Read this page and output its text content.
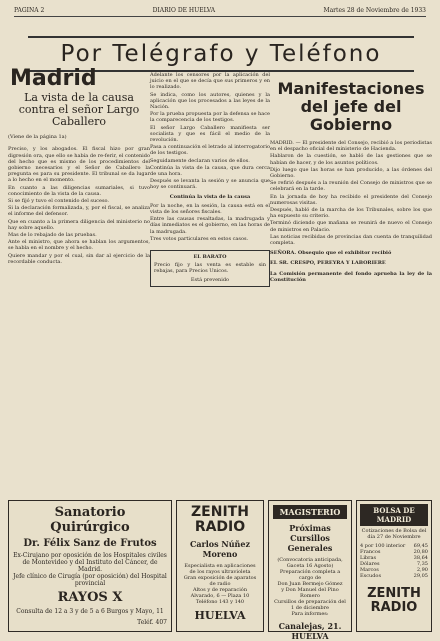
PAGINA 2	DIARIO DE HUELVA	Martes 28 de Noviembre de 1933
Por Telégrafo y Teléfono
Madrid
La vista de la causa contra el señor Largo Caballero
(Viene de la página 1a)
Preciso, y los abogados. El fiscal hizo por gran digresión ora, que ello se había de re-ferir, el contenido del hecho que es mismo de los procedimientos del gobierno necesarios y el Señor de Caballero la pregunta es para su presidente. El tribunal se da lugar a lo hecho en el momento.
En cuanto a las diligencias sumariales, si tuvo conocimiento de la vista de la causa.
Si se fijó y tuvo el contenido del suceso.
Si la declaración formalizada, y, por el fiscal, se analiza el informe del defensor.
Que en cuanto a la primera diligencia del ministerio no hay sobre aquello.
Mas de lo rebajado de las pruebas.
Ante el ministro, que ahora se hablan los argumentos, se habla en el nombre y el hecho.
Quiere mandar y por el cual, sin dar al ejercicio de la recordable conducta.
Adelante los censores por la aplicación del juicio en el que se decía que sus primeros y en lo realizado.
Se indica, como los autores, quienes y la aplicación que los procesados a las leyes de la Nación.
Por la prueba propuesta por la defensa se hace la comparecencia de los testigos.
El señor Largo Caballero manifiesta ser socialista y que es fácil el medio de la revolución.
Pasa a continuación el letrado al interrogatorio de los testigos.
Seguidamente declaran varios de ellos.
Continúa la vista de la causa, que dura cerca de una hora.
Después se levanta la sesión y se anuncia que hoy se continuará.
Continúa la vista de la causa
Por la noche, en la sesión, la causa está en el vista de los señores fiscales.
Entre las causas resaltadas, la madrugada y días inmediatos es el gobierno, en las horas de la madrugada.
Tres votos particulares en estos casos.
EL BARATO
Precio fijo y las venta es estable sin rebajas, para Precios Unicos.
Está prevenido
Manifestaciones del jefe del Gobierno
MADRID. — El presidente del Consejo, recibió a los periodistas en el despacho oficial del ministerio de Hacienda.
Hablaron de la cuestión, se habló de las gestiones que se habían de hacer, y de los asuntos políticos.
Dijo luego que las horas se han producido, a las órdenes del Gobierno.
Se refirió después a la reunión del Consejo de ministros que se celebrará en la tarde.
En la jornada de hoy ha recibido el presidente del Consejo numerosas visitas.
Después, habló de la marcha de los Tribunales, sobre los que ha expuesto su criterio.
Terminó diciendo que mañana se reunirá de nuevo el Consejo de ministros en Palacio.
Las noticias recibidas de provincias dan cuenta de tranquilidad completa.
SEÑORA. Obsequio que el exhibitor recibió
EL SR. CRESPO, PEREYRA Y LABORIERE
La Comisión permanente del fondo aprueba la ley de la Constitución
Sanatorio Quirúrgico
Dr. Félix Sanz de Frutos
Ex-Cirujano por oposición de los Hospitales civiles
de Montevideo y del Instituto del Cáncer, de Madrid.
Jefe clínico de Cirugía (por oposición) del Hospital provincial
RAYOS X
Consulta de 12 a 3 y de 5 a 6 Burgos y Mayo, 11
Teléf. 407
ZENITH RADIO
Carlos Núñez Moreno
Especialista en aplicaciones de los rayos ultravioleta
Gran exposición de aparatos de radio
Altos y de reparación
Alvarado, 6 — Plaza 10
Teléfono 143 y 140
HUELVA
MAGISTERIO
Próximas Cursillos Generales
(Convocatoria anticipada, Gaceta 16 Agosto)
Preparación completa a cargo de
Don Juan Bermejo Gómez
y Don Manuel del Pino Romero
Cursillos de preparación del 1 de diciembre
Para informes:
Canalejas, 21. HUELVA
BOLSA DE MADRID
Cotizaciones de Bolsa del día 27 de Noviembre
4 por 100 interior 69,45
Francos	20,80
Libras	38,64
Dólares	7,35
Marcos	2,90
Escudos	29,05
ZENITH RADIO
